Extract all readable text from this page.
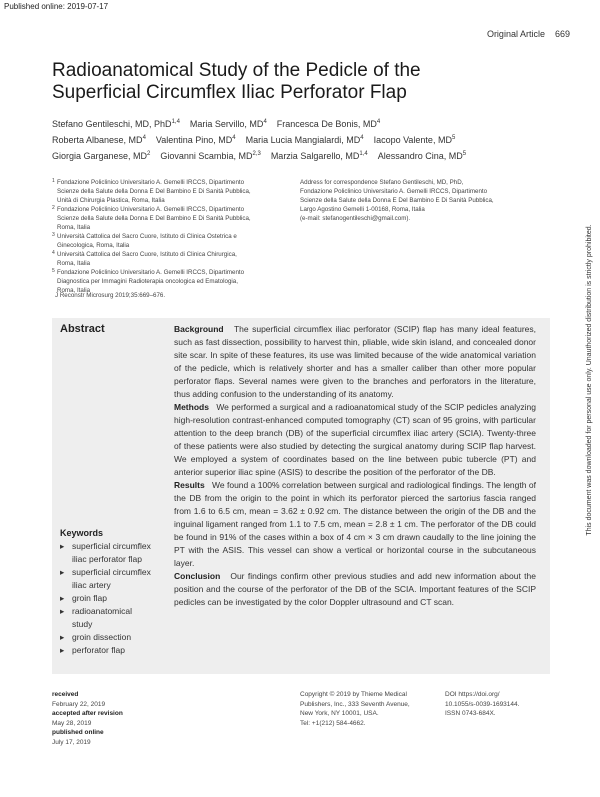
Published online: 2019-07-17
Original Article 669
Radioanatomical Study of the Pedicle of the
Superficial Circumflex Iliac Perforator Flap
Stefano Gentileschi, MD, PhD$^{1,4}$ Maria Servillo, $MD^4$ Francesca De Bonis, $MD^4$
Roberta Albanese, $MD^4$ Valentina Pino, $MD^4$ Maria Lucia Mangialardi, $MD^4$ Iacopo Valente, $MD^5$
Giorgia Garganese, $MD^2$ Giovanni Scambia, MD$^{2,3}$ Marzia Salgarello, MD$^{1,4}$ Alessandro Cina, $MD^5$
1 Fondazione Policlinico Universitario A. Gemelli IRCCS, Dipartimento
Scienze della Salute della Donna E Del Bambino E Di Sanità Pubblica,
Unità di Chirurgia Plastica, Roma, Italia
2 Fondazione Policlinico Universitario A. Gemelli IRCCS, Dipartimento
Scienze della Salute della Donna E Del Bambino E Di Sanità Pubblica,
Roma, Italia
3 Università Cattolica del Sacro Cuore, Istituto di Clinica Ostetrica e
Ginecologica, Roma, Italia
4 Università Cattolica del Sacro Cuore, Istituto di Clinica Chirurgica,
Roma, Italia
5 Fondazione Policlinico Universitario A. Gemelli IRCCS, Dipartimento
Diagnostica per Immagini Radioterapia oncologica ed Ematologia,
Roma, Italia
Address for correspondence Stefano Gentileschi, MD, PhD,
Fondazione Policlinico Universitario A. Gemelli IRCCS, Dipartimento
Scienze della Salute della Donna E Del Bambino E Di Sanità Pubblica,
Largo Agostino Gemelli 1-00168, Roma, Italia
(e-mail: stefanogentileschi@gmail.com).
J Reconstr Microsurg 2019;35:669–676.
Abstract	Background The superficial circumflex iliac perforator (SCIP) flap has many ideal features, such as fast dissection, possibility to harvest thin, pliable, wide skin island, and concealed donor site scar. In spite of these features, its use was limited because of the wide anatomical variation of the pedicle, which is relatively shorter and has a smaller caliber than other more popular perforator flaps. Several names were given to the branches and perforators in the literature, thus adding confusion to the understanding of its anatomy.

Methods We performed a surgical and a radioanatomical study of the SCIP pedicles analyzing high-resolution contrast-enhanced computed tomography (CT) scan of 95 groins, with particular attention to the deep branch (DB) of the superficial circumflex iliac artery (SCIA). Twenty-three of these patients were also studied by detecting the surgical anatomy during SCIP flap harvest. We employed a system of coordinates based on the line between pubic tubercle (PT) and anterior superior iliac spine (ASIS) to describe the position of the perforator of the DB.

Results We found a 100% correlation between surgical and radiological findings. The length of the DB from the origin to the point in which its perforator pierced the sartorius fascia ranged from 1.6 to 6.5 cm, mean = 3.62 ± 0.92 cm. The distance between the origin of the DB and the inguinal ligament ranged from 1.1 to 7.5 cm, mean = 2.8 ± 1 cm. The perforator of the DB could be found in 91% of the cases within a box of 4 cm × 3 cm drawn caudally to the line joining the PT with the ASIS. This vessel can show a vertical or horizontal course in the subcutaneous layer.

Conclusion Our findings confirm other previous studies and add new information about the position and the course of the perforator of the DB of the SCIA. Important features of the SCIP pedicles can be investigated by the color Doppler ultrasound and CT scan.

Keywords
▸ superficial circumflex
iliac perforator flap
▸ superficial circumflex
iliac artery
▸ groin flap
▸ radioanatomical
study
▸ groin dissection
▸ perforator flap
received
February 22, 2019
accepted after revision
May 28, 2019
published online
July 17, 2019
Copyright © 2019 by Thieme Medical
Publishers, Inc., 333 Seventh Avenue,
New York, NY 10001, USA.
Tel: +1(212) 584-4662.
DOI https://doi.org/
10.1055/s-0039-1693144.
ISSN 0743-684X.
This document was downloaded for personal use only. Unauthorized distribution is strictly prohibited.
